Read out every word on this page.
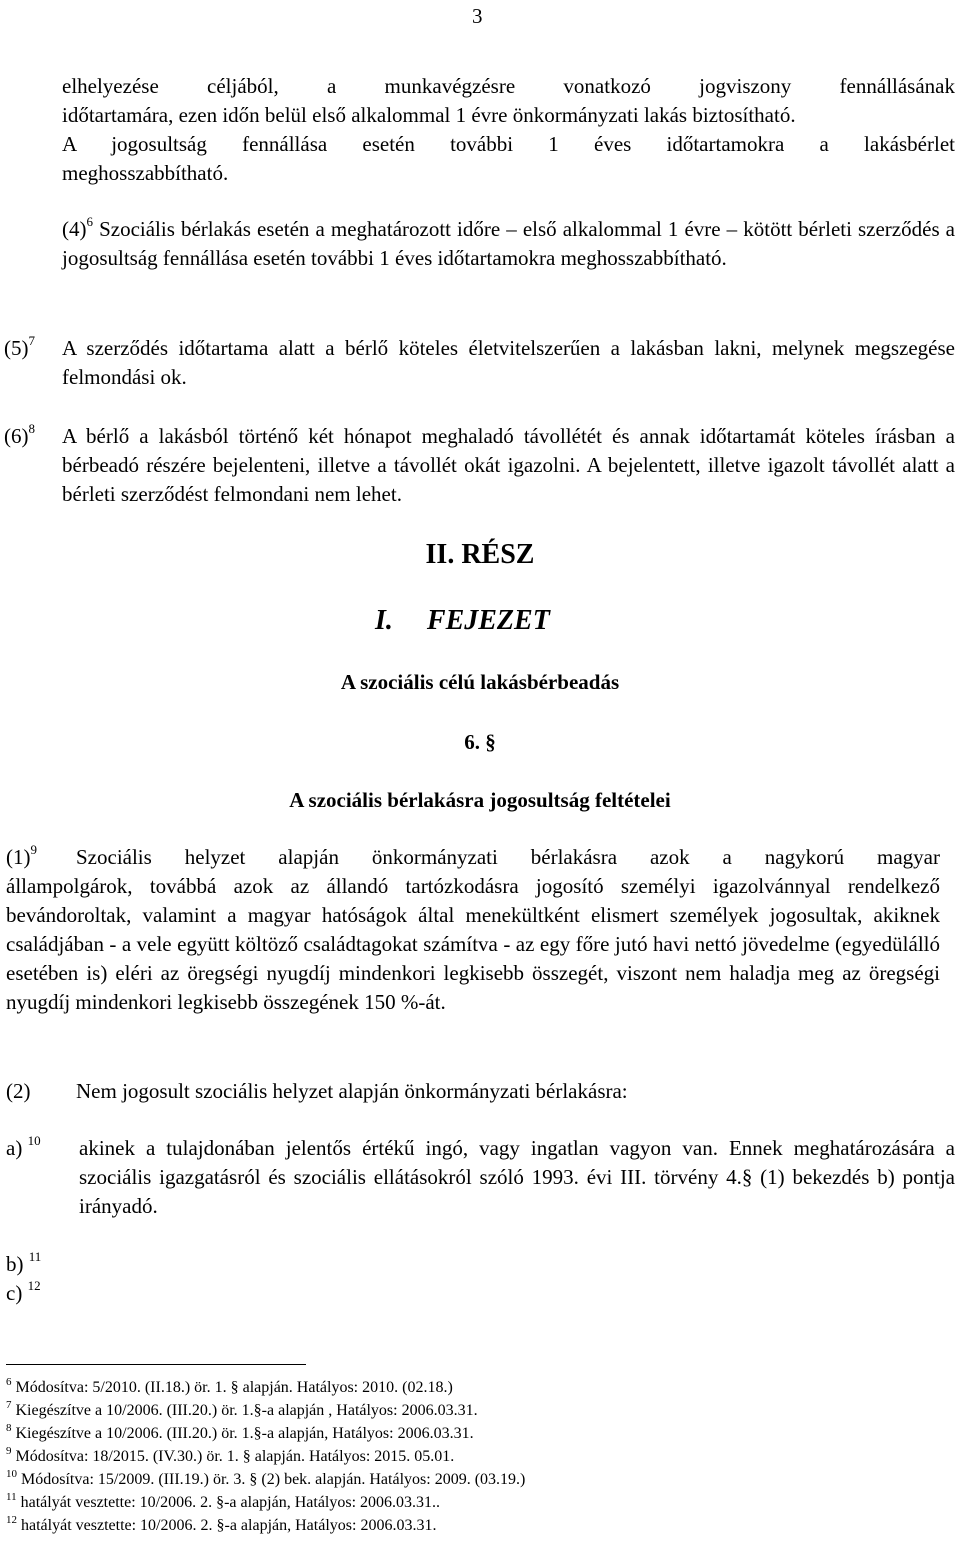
3
elhelyezése céljából, a munkavégzésre vonatkozó jogviszony fennállásának
időtartamára, ezen időn belül első alkalommal 1 évre önkormányzati lakás biztosítható.
A jogosultság fennállása esetén további 1 éves időtartamokra a lakásbérlet
meghosszabbítható.
$(4)^6$ Szociális bérlakás esetén a meghatározott időre – első alkalommal 1 évre – kötött bérleti szerződés a jogosultság fennállása esetén további 1 éves időtartamokra meghosszabbítható.
$(5)^7$ A szerződés időtartama alatt a bérlő köteles életvitelszerűen a lakásban lakni, melynek megszegése felmondási ok.
$(6)^8$ A bérlő a lakásból történő két hónapot meghaladó távollétét és annak időtartamát köteles írásban a bérbeadó részére bejelenteni, illetve a távollét okát igazolni. A bejelentett, illetve igazolt távollét alatt a bérleti szerződést felmondani nem lehet.
II. RÉSZ
I. FEJEZET
A szociális célú lakásbérbeadás
6. §
A szociális bérlakásra jogosultság feltételei
$(1)^9$ Szociális helyzet alapján önkormányzati bérlakásra azok a nagykorú magyar
állampolgárok, továbbá azok az állandó tartózkodásra jogosító személyi igazolvánnyal rendelkező bevándoroltak, valamint a magyar hatóságok által menekültként elismert személyek jogosultak, akiknek családjában - a vele együtt költöző családtagokat számítva - az egy főre jutó havi nettó jövedelme (egyedülálló esetében is) eléri az öregségi nyugdíj mindenkori legkisebb összegét, viszont nem haladja meg az öregségi nyugdíj mindenkori legkisebb összegének 150 %-át.
(2) Nem jogosult szociális helyzet alapján önkormányzati bérlakásra:
a) $^{10}$ akinek a tulajdonában jelentős értékű ingó, vagy ingatlan vagyon van. Ennek meghatározására a szociális igazgatásról és szociális ellátásokról szóló 1993. évi III. törvény 4.§ (1) bekezdés b) pontja irányadó.
b) $^{11}$
c) $^{12}$
$^6$ Módosítva: 5/2010. (II.18.) ör. 1. § alapján. Hatályos: 2010. (02.18.)
$^7$ Kiegészítve a 10/2006. (III.20.) ör. 1.§-a alapján , Hatályos: 2006.03.31.
$^8$ Kiegészítve a 10/2006. (III.20.) ör. 1.§-a alapján, Hatályos: 2006.03.31.
$^9$ Módosítva: 18/2015. (IV.30.) ör. 1. § alapján. Hatályos: 2015. 05.01.
$^{10}$ Módosítva: 15/2009. (III.19.) ör. 3. § (2) bek. alapján. Hatályos: 2009. (03.19.)
$^{11}$ hatályát vesztette: 10/2006. 2. §-a alapján, Hatályos: 2006.03.31..
$^{12}$ hatályát vesztette: 10/2006. 2. §-a alapján, Hatályos: 2006.03.31.
